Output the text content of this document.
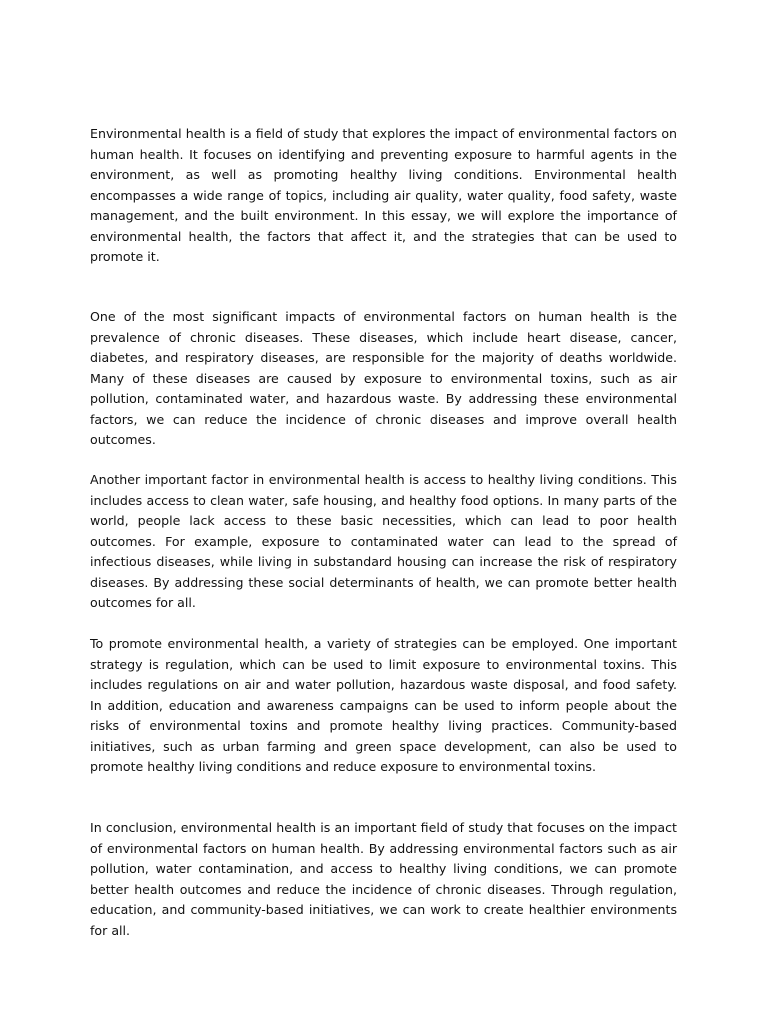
Environmental health is a field of study that explores the impact of environmental factors on human health. It focuses on identifying and preventing exposure to harmful agents in the environment, as well as promoting healthy living conditions. Environmental health encompasses a wide range of topics, including air quality, water quality, food safety, waste management, and the built environment. In this essay, we will explore the importance of environmental health, the factors that affect it, and the strategies that can be used to promote it.

One of the most significant impacts of environmental factors on human health is the prevalence of chronic diseases. These diseases, which include heart disease, cancer, diabetes, and respiratory diseases, are responsible for the majority of deaths worldwide. Many of these diseases are caused by exposure to environmental toxins, such as air pollution, contaminated water, and hazardous waste. By addressing these environmental factors, we can reduce the incidence of chronic diseases and improve overall health outcomes.

Another important factor in environmental health is access to healthy living conditions. This includes access to clean water, safe housing, and healthy food options. In many parts of the world, people lack access to these basic necessities, which can lead to poor health outcomes. For example, exposure to contaminated water can lead to the spread of infectious diseases, while living in substandard housing can increase the risk of respiratory diseases. By addressing these social determinants of health, we can promote better health outcomes for all.

To promote environmental health, a variety of strategies can be employed. One important strategy is regulation, which can be used to limit exposure to environmental toxins. This includes regulations on air and water pollution, hazardous waste disposal, and food safety. In addition, education and awareness campaigns can be used to inform people about the risks of environmental toxins and promote healthy living practices. Community-based initiatives, such as urban farming and green space development, can also be used to promote healthy living conditions and reduce exposure to environmental toxins.

In conclusion, environmental health is an important field of study that focuses on the impact of environmental factors on human health. By addressing environmental factors such as air pollution, water contamination, and access to healthy living conditions, we can promote better health outcomes and reduce the incidence of chronic diseases. Through regulation, education, and community-based initiatives, we can work to create healthier environments for all.
